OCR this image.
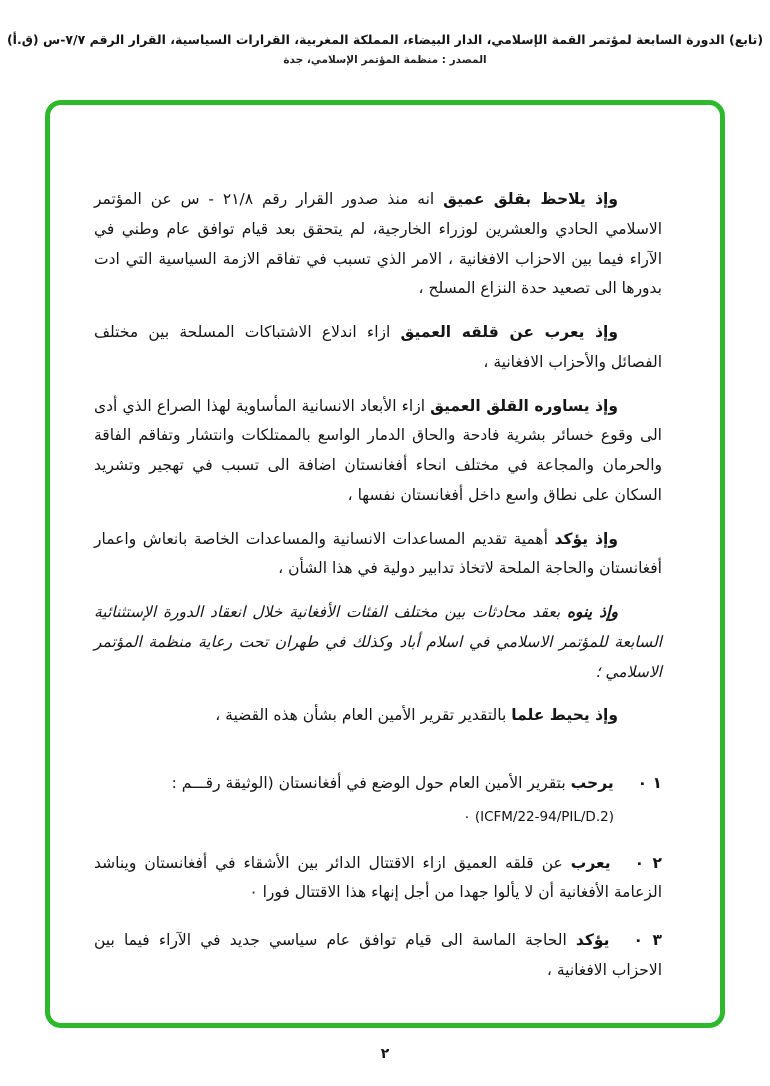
(تابع) الدورة السابعة لمؤتمر القمة الإسلامي، الدار البيضاء، المملكة المغربية، القرارات السياسية، القرار الرقم ٧/٧-س (ق.أ)
المصدر : منظمة المؤتمر الإسلامي، جدة

وإذ يلاحظ بقلق عميق انه منذ صدور القرار رقم ٢١/٨ - س عن المؤتمر الاسلامي الحادي والعشرين لوزراء الخارجية، لم يتحقق بعد قيام توافق عام وطني في الآراء فيما بين الاحزاب الافغانية ، الامر الذي تسبب في تفاقم الازمة السياسية التي ادت بدورها الى تصعيد حدة النزاع المسلح ،

وإذ يعرب عن قلقه العميق ازاء اندلاع الاشتباكات المسلحة بين مختلف الفصائل والأحزاب الافغانية ،

وإذ يساوره القلق العميق ازاء الأبعاد الانسانية المأساوية لهذا الصراع الذي أدى الى وقوع خسائر بشرية فادحة والحاق الدمار الواسع بالممتلكات وانتشار وتفاقم الفاقة والحرمان والمجاعة في مختلف انحاء أفغانستان اضافة الى تسبب في تهجير وتشريد السكان على نطاق واسع داخل أفغانستان نفسها ،

وإذ يؤكد أهمية تقديم المساعدات الانسانية والمساعدات الخاصة بانعاش واعمار أفغانستان والحاجة الملحة لاتخاذ تدابير دولية في هذا الشأن ،

وإذ ينوه بعقد محادثات بين مختلف الفئات الأفغانية خلال انعقاد الدورة الإستثنائية السابعة للمؤتمر الاسلامي في اسلام أباد وكذلك في طهران تحت رعاية منظمة المؤتمر الاسلامي ؛

وإذ يحيط علما بالتقدير تقرير الأمين العام بشأن هذه القضية ،

١ ٠يرحب بتقرير الأمين العام حول الوضع في أفغانستان (الوثيقة رقـــم :

(ICFM/22-94/PIL/D.2) ٠

٢ ٠يعرب عن قلقه العميق ازاء الاقتتال الدائر بين الأشقاء في أفغانستان ويناشد الزعامة الأفغانية أن لا يألوا جهدا من أجل إنهاء هذا الاقتتال فورا ٠

٣ ٠يؤكد الحاجة الماسة الى قيام توافق عام سياسي جديد في الآراء فيما بين الاحزاب الافغانية ،

٢
